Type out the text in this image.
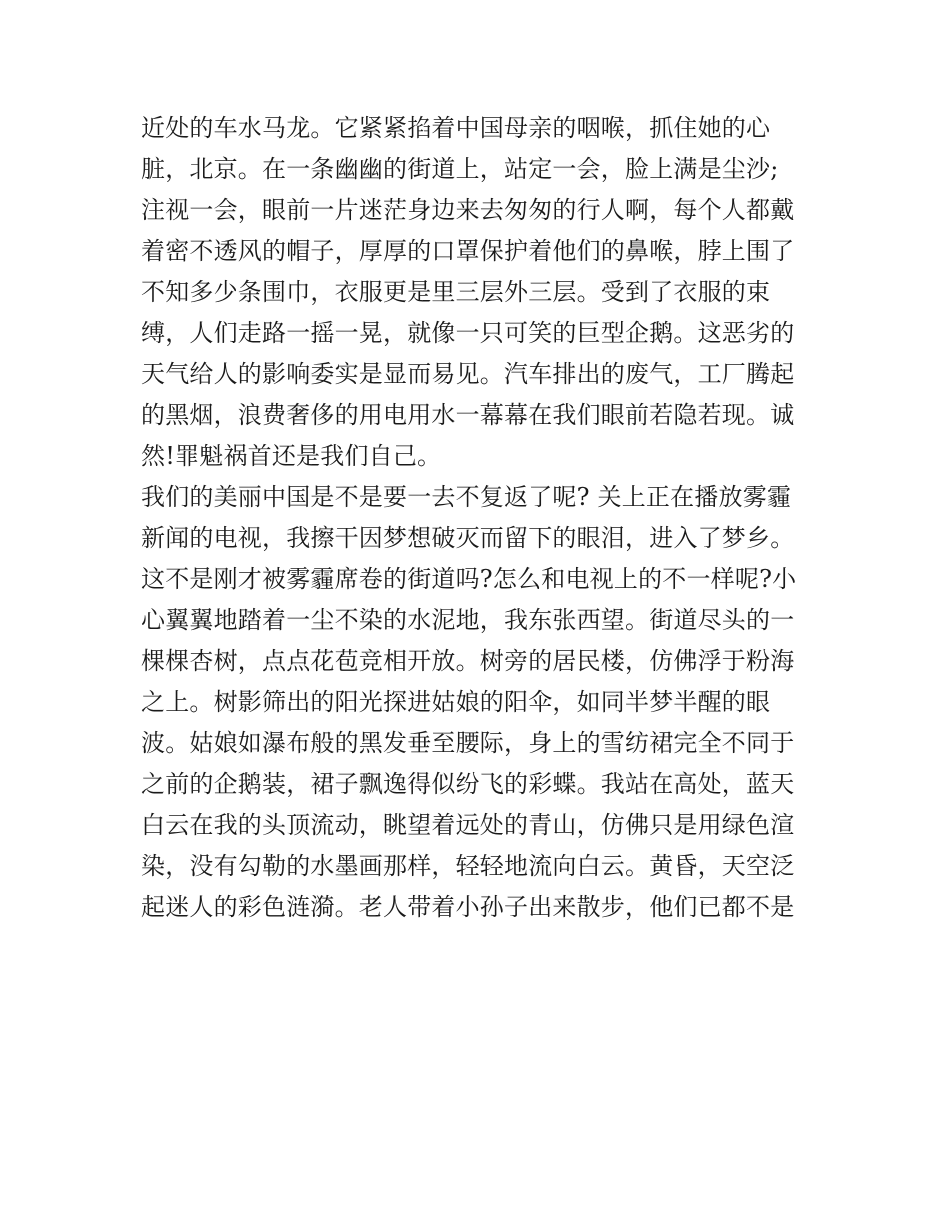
近处的车水马龙。它紧紧掐着中国母亲的咽喉，抓住她的心
脏，北京。在一条幽幽的街道上，站定一会，脸上满是尘沙;
注视一会，眼前一片迷茫身边来去匆匆的行人啊，每个人都戴
着密不透风的帽子，厚厚的口罩保护着他们的鼻喉，脖上围了
不知多少条围巾，衣服更是里三层外三层。受到了衣服的束
缚，人们走路一摇一晃，就像一只可笑的巨型企鹅。这恶劣的
天气给人的影响委实是显而易见。汽车排出的废气，工厂腾起
的黑烟，浪费奢侈的用电用水一幕幕在我们眼前若隐若现。诚
然!罪魁祸首还是我们自己。
我们的美丽中国是不是要一去不复返了呢? 关上正在播放雾霾
新闻的电视，我擦干因梦想破灭而留下的眼泪，进入了梦乡。
这不是刚才被雾霾席卷的街道吗?怎么和电视上的不一样呢?小
心翼翼地踏着一尘不染的水泥地，我东张西望。街道尽头的一
棵棵杏树，点点花苞竞相开放。树旁的居民楼，仿佛浮于粉海
之上。树影筛出的阳光探进姑娘的阳伞，如同半梦半醒的眼
波。姑娘如瀑布般的黑发垂至腰际，身上的雪纺裙完全不同于
之前的企鹅装，裙子飘逸得似纷飞的彩蝶。我站在高处，蓝天
白云在我的头顶流动，眺望着远处的青山，仿佛只是用绿色渲
染，没有勾勒的水墨画那样，轻轻地流向白云。黄昏，天空泛
起迷人的彩色涟漪。老人带着小孙子出来散步，他们已都不是
